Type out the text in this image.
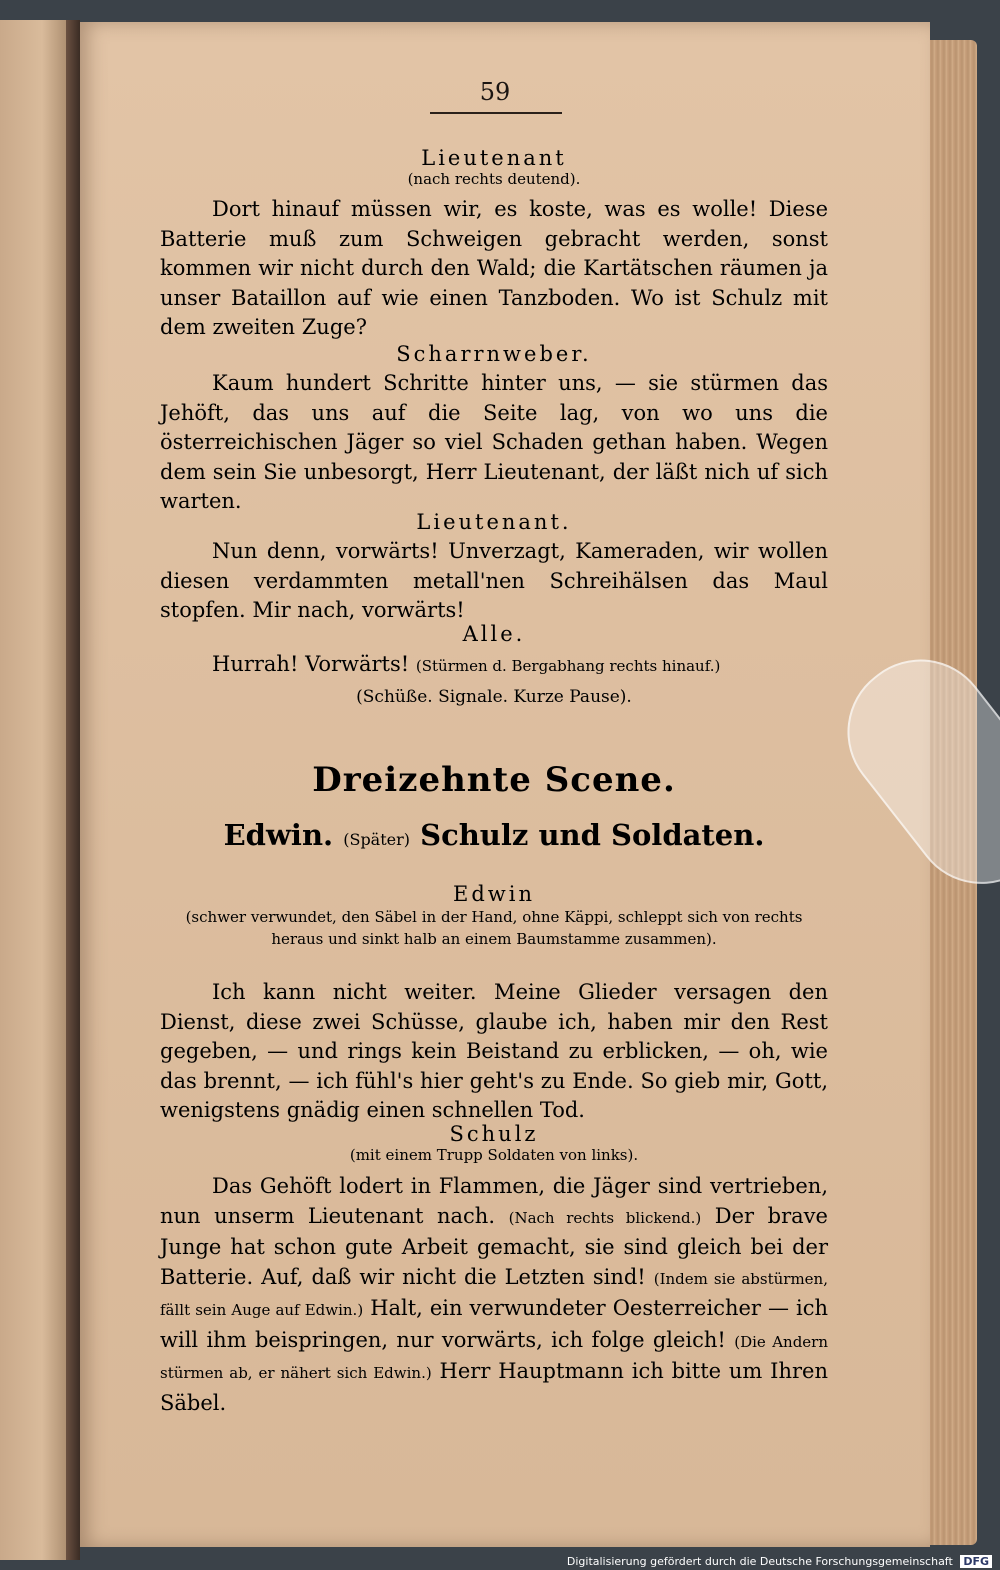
59
Lieutenant
(nach rechts deutend).

Dort hinauf müssen wir, es koste, was es wolle! Diese Batterie muß zum Schweigen gebracht werden, sonst kommen wir nicht durch den Wald; die Kartätschen räumen ja unser Bataillon auf wie einen Tanzboden. Wo ist Schulz mit dem zweiten Zuge?

Scharrnweber.

Kaum hundert Schritte hinter uns, — sie stürmen das Jehöft, das uns auf die Seite lag, von wo uns die österreichischen Jäger so viel Schaden gethan haben. Wegen dem sein Sie unbesorgt, Herr Lieutenant, der läßt nich uf sich warten.

Lieutenant.

Nun denn, vorwärts! Unverzagt, Kameraden, wir wollen diesen verdammten metall'nen Schreihälsen das Maul stopfen. Mir nach, vorwärts!

Alle.

Hurrah! Vorwärts! (Stürmen d. Bergabhang rechts hinauf.)

(Schüße. Signale. Kurze Pause).
Dreizehnte Scene.
Edwin. (Später) Schulz und Soldaten.
Edwin
(schwer verwundet, den Säbel in der Hand, ohne Käppi, schleppt sich von rechts heraus und sinkt halb an einem Baumstamme zusammen).

Ich kann nicht weiter. Meine Glieder versagen den Dienst, diese zwei Schüsse, glaube ich, haben mir den Rest gegeben, — und rings kein Beistand zu erblicken, — oh, wie das brennt, — ich fühl's hier geht's zu Ende. So gieb mir, Gott, wenigstens gnädig einen schnellen Tod.

Schulz
(mit einem Trupp Soldaten von links).

Das Gehöft lodert in Flammen, die Jäger sind vertrieben, nun unserm Lieutenant nach. (Nach rechts blickend.) Der brave Junge hat schon gute Arbeit gemacht, sie sind gleich bei der Batterie. Auf, daß wir nicht die Letzten sind! (Indem sie abstürmen, fällt sein Auge auf Edwin.) Halt, ein verwundeter Oesterreicher — ich will ihm beispringen, nur vorwärts, ich folge gleich! (Die Andern stürmen ab, er nähert sich Edwin.) Herr Hauptmann ich bitte um Ihren Säbel.

Digitalisierung gefördert durch die Deutsche Forschungsgemeinschaft DFG
